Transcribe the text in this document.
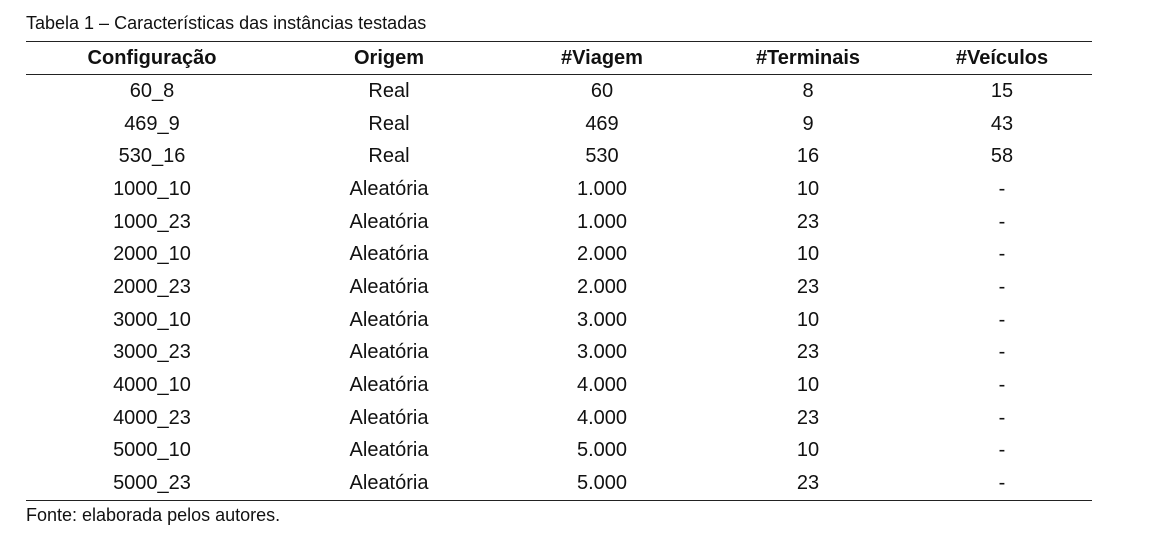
Tabela 1 – Características das instâncias testadas

Configuração	Origem	#Viagem	#Terminais	#Veículos
60_8	Real	60	8	15
469_9	Real	469	9	43
530_16	Real	530	16	58
1000_10	Aleatória	1.000	10	-
1000_23	Aleatória	1.000	23	-
2000_10	Aleatória	2.000	10	-
2000_23	Aleatória	2.000	23	-
3000_10	Aleatória	3.000	10	-
3000_23	Aleatória	3.000	23	-
4000_10	Aleatória	4.000	10	-
4000_23	Aleatória	4.000	23	-
5000_10	Aleatória	5.000	10	-
5000_23	Aleatória	5.000	23	-
Fonte: elaborada pelos autores.
